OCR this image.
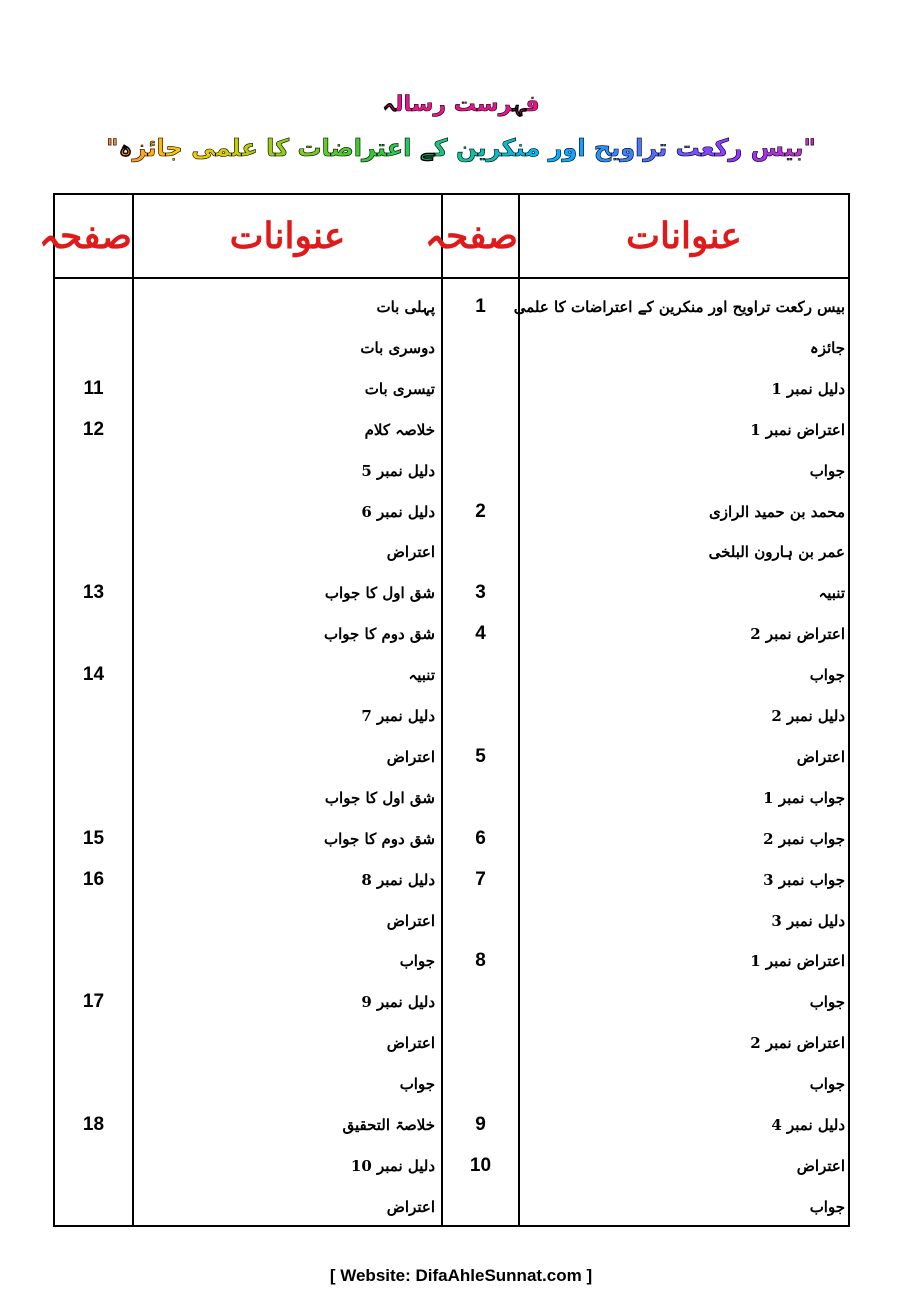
فہرست رسالہ
"بیس رکعت تراویح اور منکرین کے اعتراضات کا علمی جائزہ"
عنوانات
صفحہ
عنوانات
صفحہ
بیس رکعت تراویح اور منکرین کے اعتراضات کا علمی
جائزہ
دلیل نمبر 1
اعتراض نمبر 1
جواب
محمد بن حمید الرازی
عمر بن ہارون البلخی
تنبیہ
اعتراض نمبر 2
جواب
دلیل نمبر 2
اعتراض
جواب نمبر 1
جواب نمبر 2
جواب نمبر 3
دلیل نمبر 3
اعتراض نمبر 1
جواب
اعتراض نمبر 2
جواب
دلیل نمبر 4
اعتراض
جواب
1
2
3
4
5
6
7
8
9
10
پہلی بات
دوسری بات
تیسری بات
خلاصہ کلام
دلیل نمبر 5
دلیل نمبر 6
اعتراض
شق اول کا جواب
شق دوم کا جواب
تنبیہ
دلیل نمبر 7
اعتراض
شق اول کا جواب
شق دوم کا جواب
دلیل نمبر 8
اعتراض
جواب
دلیل نمبر 9
اعتراض
جواب
خلاصۃ التحقیق
دلیل نمبر 10
اعتراض
11
12
13
14
15
16
17
18
[ Website: DifaAhleSunnat.com ]
